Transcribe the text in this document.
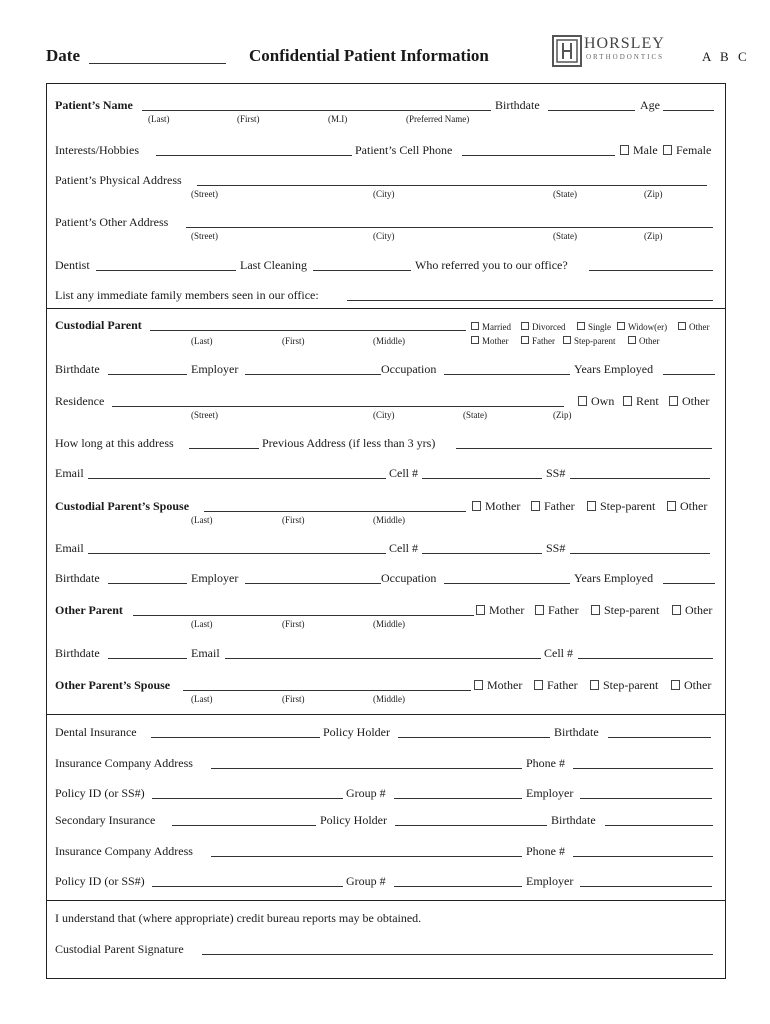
Date	Confidential Patient Information
HORSLEY
ORTHODONTICS	A B C
Patient’s Name	Birthdate	Age
(Last)	(First)	(M.I)	(Preferred Name)
Interests/Hobbies	Patient’s Cell Phone	Male	Female
Patient’s Physical Address
(Street)	(City)	(State)	(Zip)
Patient’s Other Address
(Street)	(City)	(State)	(Zip)
Dentist	Last Cleaning	Who referred you to our office?
List any immediate family members seen in our office:
Custodial Parent
(Last)	(First)	(Middle)
Married	Divorced	Single	Widow(er)	Other
Mother	Father	Step-parent	Other
Birthdate	Employer	Occupation	Years Employed
Residence
(Street)	(City)	(State)	(Zip)
Own	Rent	Other
How long at this address	Previous Address (if less than 3 yrs)
Email	Cell #	SS#
Custodial Parent’s Spouse
(Last)	(First)	(Middle)
Mother	Father	Step-parent	Other
Email	Cell #	SS#
Birthdate	Employer	Occupation	Years Employed
Other Parent
(Last)	(First)	(Middle)
Mother	Father	Step-parent	Other
Birthdate	Email	Cell #
Other Parent’s Spouse
(Last)	(First)	(Middle)
Mother	Father	Step-parent	Other
Dental Insurance	Policy Holder	Birthdate
Insurance Company Address	Phone #
Policy ID (or SS#)	Group #	Employer
Secondary Insurance	Policy Holder	Birthdate
Insurance Company Address	Phone #
Policy ID (or SS#)	Group #	Employer
I understand that (where appropriate) credit bureau reports may be obtained.
Custodial Parent Signature
